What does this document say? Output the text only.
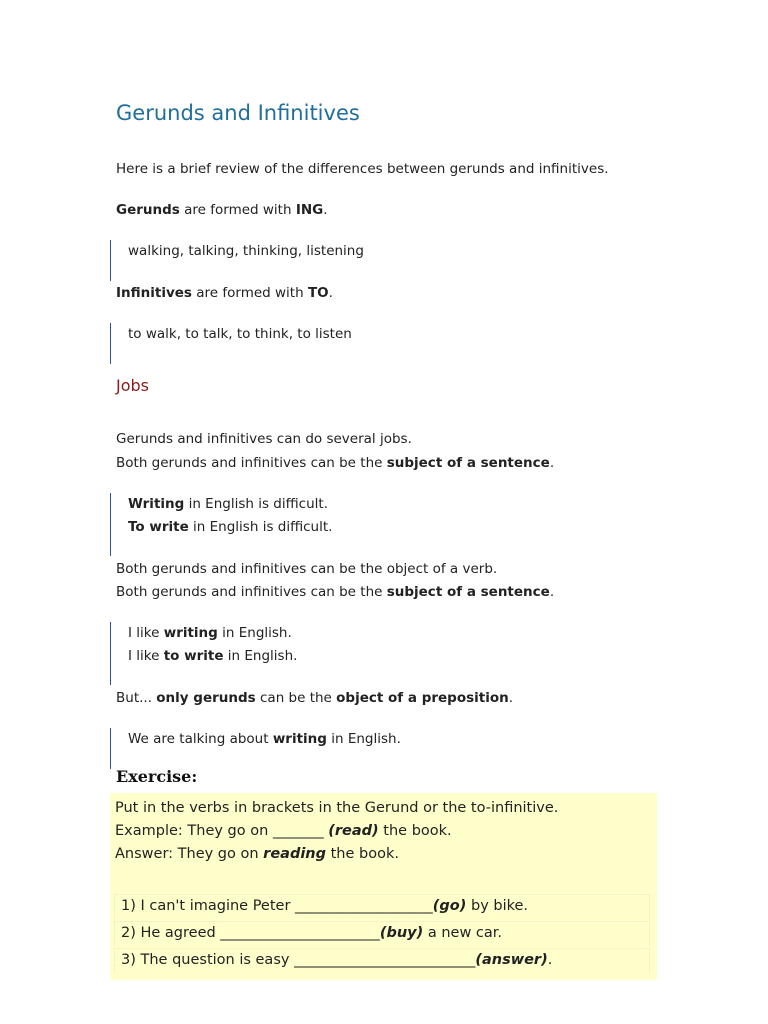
Gerunds and Infinitives
Here is a brief review of the differences between gerunds and infinitives.
Gerunds are formed with ING.
walking, talking, thinking, listening
Infinitives are formed with TO.
to walk, to talk, to think, to listen
Jobs
Gerunds and infinitives can do several jobs.
Both gerunds and infinitives can be the subject of a sentence.
Writing in English is difficult.
To write in English is difficult.
Both gerunds and infinitives can be the object of a verb.
Both gerunds and infinitives can be the subject of a sentence.
I like writing in English.
I like to write in English.
But... only gerunds can be the object of a preposition.
We are talking about writing in English.
Exercise:
Put in the verbs in brackets in the Gerund or the to-infinitive.
Example: They go on _______ (read) the book.
Answer: They go on reading the book.
1) I can't imagine Peter ___________________(go) by bike.
2) He agreed ______________________(buy) a new car.
3) The question is easy _________________________(answer).
